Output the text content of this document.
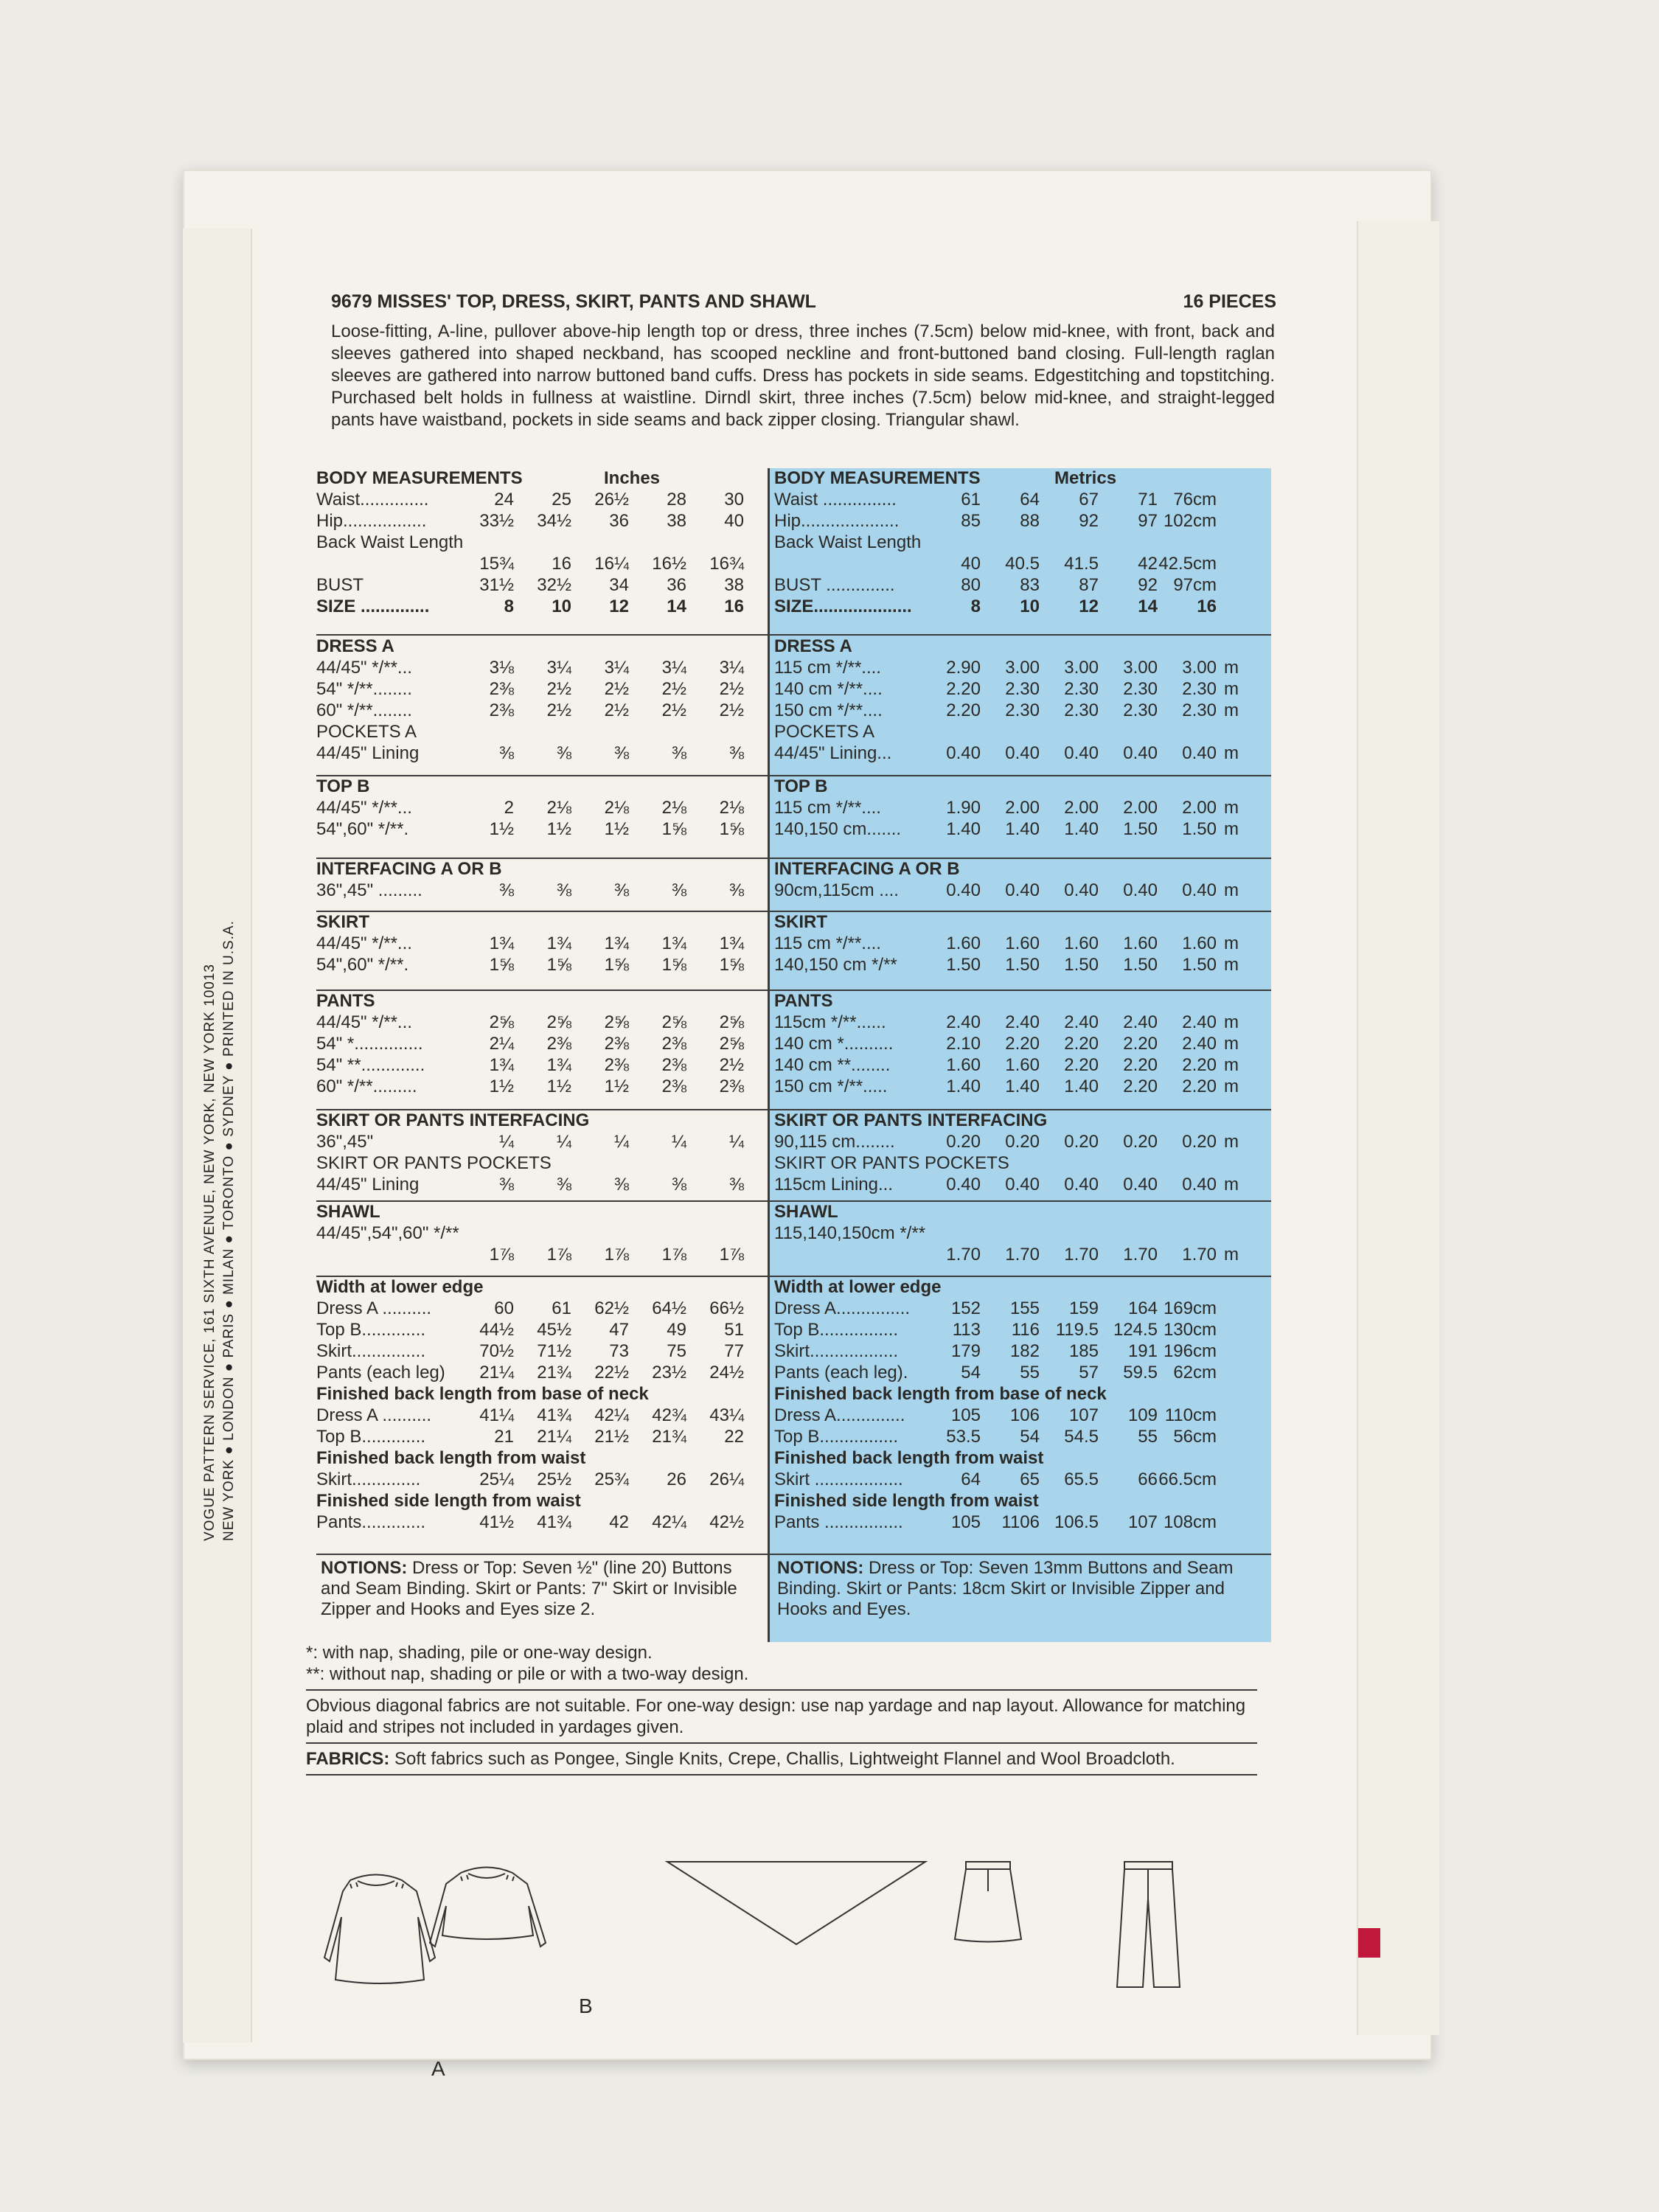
VOGUE PATTERN SERVICE, 161 SIXTH AVENUE, NEW YORK, NEW YORK 10013 NEW YORK ● LONDON ● PARIS ● MILAN ● TORONTO ● SYDNEY ● PRINTED IN U.S.A.
9679 MISSES' TOP, DRESS, SKIRT, PANTS AND SHAWL	16 PIECES

Loose-fitting, A-line, pullover above-hip length top or dress, three inches (7.5cm) below mid-knee, with front, back and sleeves gathered into shaped neckband, has scooped neckline and front-buttoned band closing. Full-length raglan sleeves are gathered into narrow buttoned band cuffs. Dress has pockets in side seams. Edgestitching and topstitching. Purchased belt holds in fullness at waistline. Dirndl skirt, three inches (7.5cm) below mid-knee, and straight-legged pants have waistband, pockets in side seams and back zipper closing. Triangular shawl.

BODY MEASUREMENTS	Inches
Waist..............	24	25	26½	28	30
Hip.................	33½	34½	36	38	40
Back Waist Length
15¾	16	16¼	16½	16¾
BUST	31½	32½	34	36	38
SIZE ..............	8	10	12	14	16
DRESS A
44/45" */**...	3⅛	3¼	3¼	3¼	3¼
54" */**........	2⅜	2½	2½	2½	2½
60" */**........	2⅜	2½	2½	2½	2½
POCKETS A
44/45" Lining	⅜	⅜	⅜	⅜	⅜
TOP B
44/45" */**...	2	2⅛	2⅛	2⅛	2⅛
54",60" */**.	1½	1½	1½	1⅝	1⅝
INTERFACING A OR B
36",45" .........	⅜	⅜	⅜	⅜	⅜
SKIRT
44/45" */**...	1¾	1¾	1¾	1¾	1¾
54",60" */**.	1⅝	1⅝	1⅝	1⅝	1⅝
PANTS
44/45" */**...	2⅝	2⅝	2⅝	2⅝	2⅝
54" *..............	2¼	2⅜	2⅜	2⅜	2⅝
54" **.............	1¾	1¾	2⅜	2⅜	2½
60" */**.........	1½	1½	1½	2⅜	2⅜
SKIRT OR PANTS INTERFACING
36",45"	¼	¼	¼	¼	¼
SKIRT OR PANTS POCKETS
44/45" Lining	⅜	⅜	⅜	⅜	⅜
SHAWL
44/45",54",60" */**
1⅞	1⅞	1⅞	1⅞	1⅞
Width at lower edge
Dress A ..........	60	61	62½	64½	66½
Top B.............	44½	45½	47	49	51
Skirt...............	70½	71½	73	75	77
Pants (each leg)	21¼	21¾	22½	23½	24½
Finished back length from base of neck
Dress A ..........	41¼	41¾	42¼	42¾	43¼
Top B.............	21	21¼	21½	21¾	22
Finished back length from waist
Skirt..............	25¼	25½	25¾	26	26¼
Finished side length from waist
Pants.............	41½	41¾	42	42¼	42½
NOTIONS: Dress or Top: Seven ½" (line 20) Buttons and Seam Binding. Skirt or Pants: 7" Skirt or Invisible Zipper and Hooks and Eyes size 2.
BODY MEASUREMENTS	Metrics
Waist ...............	61	64	67	71 76cm
Hip....................	85	88	92	97 102cm
Back Waist Length
40	40.5	41.5	42 42.5cm
BUST ..............	80	83	87	92 97cm
SIZE....................	8	10	12	14	16
DRESS A
115 cm */**....	2.90	3.00	3.00	3.00	3.00 m
140 cm */**....	2.20	2.30	2.30	2.30	2.30 m
150 cm */**....	2.20	2.30	2.30	2.30	2.30 m
POCKETS A
44/45" Lining...	0.40	0.40	0.40	0.40	0.40 m
TOP B
115 cm */**....	1.90	2.00	2.00	2.00	2.00 m
140,150 cm.......	1.40	1.40	1.40	1.50	1.50 m
INTERFACING A OR B
90cm,115cm ....	0.40	0.40	0.40	0.40	0.40 m
SKIRT
115 cm */**....	1.60	1.60	1.60	1.60	1.60 m
140,150 cm */**	1.50	1.50	1.50	1.50	1.50 m
PANTS
115cm */**......	2.40	2.40	2.40	2.40	2.40 m
140 cm *..........	2.10	2.20	2.20	2.20	2.40 m
140 cm **........	1.60	1.60	2.20	2.20	2.20 m
150 cm */**.....	1.40	1.40	1.40	2.20	2.20 m
SKIRT OR PANTS INTERFACING
90,115 cm........	0.20	0.20	0.20	0.20	0.20 m
SKIRT OR PANTS POCKETS
115cm Lining...	0.40	0.40	0.40	0.40	0.40 m
SHAWL
115,140,150cm */**
1.70	1.70	1.70	1.70	1.70 m
Width at lower edge
Dress A...............	152	155	159	164 169cm
Top B................	113	116 119.5 124.5 130cm
Skirt..................	179	182	185	191 196cm
Pants (each leg).	54	55	57	59.5 62cm
Finished back length from base of neck
Dress A..............	105	106	107	109 110cm
Top B................	53.5	54	54.5	55 56cm
Finished back length from waist
Skirt ..................	64	65	65.5	66 66.5cm
Finished side length from waist
Pants ................	105	1106 106.5	107 108cm
NOTIONS: Dress or Top: Seven 13mm Buttons and Seam Binding. Skirt or Pants: 18cm Skirt or Invisible Zipper and Hooks and Eyes.
*: with nap, shading, pile or one-way design.
**: without nap, shading or pile or with a two-way design.
Obvious diagonal fabrics are not suitable. For one-way design: use nap yardage and nap layout. Allowance for matching plaid and stripes not included in yardages given.
FABRICS: Soft fabrics such as Pongee, Single Knits, Crepe, Challis, Lightweight Flannel and Wool Broadcloth.
A
B
